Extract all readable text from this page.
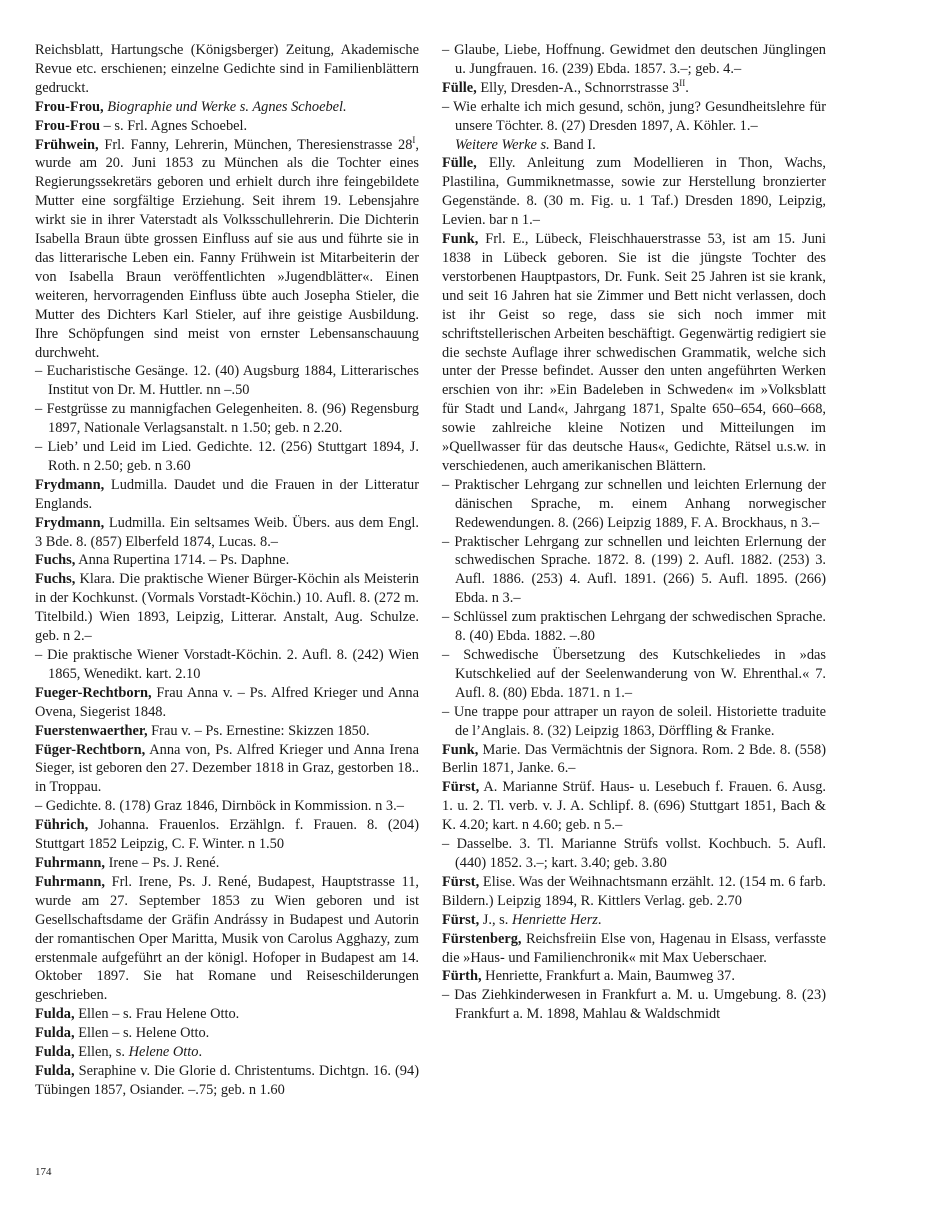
Reichsblatt, Hartungsche (Königsberger) Zeitung, Akademische Revue etc. erschienen; einzelne Gedichte sind in Familienblättern gedruckt.
Frou-Frou, Biographie und Werke s. Agnes Schoebel.
Frou-Frou – s. Frl. Agnes Schoebel.
Frühwein, Frl. Fanny, Lehrerin, München, Theresienstrasse $28^I$, wurde am 20. Juni 1853 zu München als die Tochter eines Regierungssekretärs geboren und erhielt durch ihre feingebildete Mutter eine sorgfältige Erziehung. Seit ihrem 19. Lebensjahre wirkt sie in ihrer Vaterstadt als Volksschullehrerin. Die Dichterin Isabella Braun übte grossen Einfluss auf sie aus und führte sie in das litterarische Leben ein. Fanny Frühwein ist Mitarbeiterin der von Isabella Braun veröffentlichten »Jugendblätter«. Einen weiteren, hervorragenden Einfluss übte auch Josepha Stieler, die Mutter des Dichters Karl Stieler, auf ihre geistige Ausbildung. Ihre Schöpfungen sind meist von ernster Lebensanschauung durchweht.
– Eucharistische Gesänge. 12. (40) Augsburg 1884, Litterarisches Institut von Dr. M. Huttler. nn –.50
– Festgrüsse zu mannigfachen Gelegenheiten. 8. (96) Regensburg 1897, Nationale Verlagsanstalt. n 1.50; geb. n 2.20.
– Lieb’ und Leid im Lied. Gedichte. 12. (256) Stuttgart 1894, J. Roth. n 2.50; geb. n 3.60
Frydmann, Ludmilla. Daudet und die Frauen in der Litteratur Englands.
Frydmann, Ludmilla. Ein seltsames Weib. Übers. aus dem Engl. 3 Bde. 8. (857) Elberfeld 1874, Lucas. 8.–
Fuchs, Anna Rupertina 1714. – Ps. Daphne.
Fuchs, Klara. Die praktische Wiener Bürger-Köchin als Meisterin in der Kochkunst. (Vormals Vorstadt-Köchin.) 10. Aufl. 8. (272 m. Titelbild.) Wien 1893, Leipzig, Litterar. Anstalt, Aug. Schulze. geb. n 2.–
– Die praktische Wiener Vorstadt-Köchin. 2. Aufl. 8. (242) Wien 1865, Wenedikt. kart. 2.10
Fueger-Rechtborn, Frau Anna v. – Ps. Alfred Krieger und Anna Ovena, Siegerist 1848.
Fuerstenwaerther, Frau v. – Ps. Ernestine: Skizzen 1850.
Füger-Rechtborn, Anna von, Ps. Alfred Krieger und Anna Irena Sieger, ist geboren den 27. Dezember 1818 in Graz, gestorben 18.. in Troppau.
– Gedichte. 8. (178) Graz 1846, Dirnböck in Kommission. n 3.–
Führich, Johanna. Frauenlos. Erzählgn. f. Frauen. 8. (204) Stuttgart 1852 Leipzig, C. F. Winter. n 1.50
Fuhrmann, Irene – Ps. J. René.
Fuhrmann, Frl. Irene, Ps. J. René, Budapest, Hauptstrasse 11, wurde am 27. September 1853 zu Wien geboren und ist Gesellschaftsdame der Gräfin Andrássy in Budapest und Autorin der romantischen Oper Maritta, Musik von Carolus Agghazy, zum erstenmale aufgeführt an der königl. Hofoper in Budapest am 14. Oktober 1897. Sie hat Romane und Reiseschilderungen geschrieben.
Fulda, Ellen – s. Frau Helene Otto.
Fulda, Ellen – s. Helene Otto.
Fulda, Ellen, s. Helene Otto.
Fulda, Seraphine v. Die Glorie d. Christentums. Dichtgn. 16. (94) Tübingen 1857, Osiander. –.75; geb. n 1.60
– Glaube, Liebe, Hoffnung. Gewidmet den deutschen Jünglingen u. Jungfrauen. 16. (239) Ebda. 1857. 3.–; geb. 4.–
Fülle, Elly, Dresden-A., Schnorrstrasse $3^{II}$.
– Wie erhalte ich mich gesund, schön, jung? Gesundheitslehre für unsere Töchter. 8. (27) Dresden 1897, A. Köhler. 1.–
Weitere Werke s. Band I.
Fülle, Elly. Anleitung zum Modellieren in Thon, Wachs, Plastilina, Gummiknetmasse, sowie zur Herstellung bronzierter Gegenstände. 8. (30 m. Fig. u. 1 Taf.) Dresden 1890, Leipzig, Levien. bar n 1.–
Funk, Frl. E., Lübeck, Fleischhauerstrasse 53, ist am 15. Juni 1838 in Lübeck geboren. Sie ist die jüngste Tochter des verstorbenen Hauptpastors, Dr. Funk. Seit 25 Jahren ist sie krank, und seit 16 Jahren hat sie Zimmer und Bett nicht verlassen, doch ist ihr Geist so rege, dass sie sich noch immer mit schriftstellerischen Arbeiten beschäftigt. Gegenwärtig redigiert sie die sechste Auflage ihrer schwedischen Grammatik, welche sich unter der Presse befindet. Ausser den unten angeführten Werken erschien von ihr: »Ein Badeleben in Schweden« im »Volksblatt für Stadt und Land«, Jahrgang 1871, Spalte 650–654, 660–668, sowie zahlreiche kleine Notizen und Mitteilungen im »Quellwasser für das deutsche Haus«, Gedichte, Rätsel u.s.w. in verschiedenen, auch amerikanischen Blättern.
– Praktischer Lehrgang zur schnellen und leichten Erlernung der dänischen Sprache, m. einem Anhang norwegischer Redewendungen. 8. (266) Leipzig 1889, F. A. Brockhaus, n 3.–
– Praktischer Lehrgang zur schnellen und leichten Erlernung der schwedischen Sprache. 1872. 8. (199) 2. Aufl. 1882. (253) 3. Aufl. 1886. (253) 4. Aufl. 1891. (266) 5. Aufl. 1895. (266) Ebda. n 3.–
– Schlüssel zum praktischen Lehrgang der schwedischen Sprache. 8. (40) Ebda. 1882. –.80
– Schwedische Übersetzung des Kutschkeliedes in »das Kutschkelied auf der Seelenwanderung von W. Ehrenthal.« 7. Aufl. 8. (80) Ebda. 1871. n 1.–
– Une trappe pour attraper un rayon de soleil. Historiette traduite de l’Anglais. 8. (32) Leipzig 1863, Dörffling & Franke.
Funk, Marie. Das Vermächtnis der Signora. Rom. 2 Bde. 8. (558) Berlin 1871, Janke. 6.–
Fürst, A. Marianne Strüf. Haus- u. Lesebuch f. Frauen. 6. Ausg. 1. u. 2. Tl. verb. v. J. A. Schlipf. 8. (696) Stuttgart 1851, Bach & K. 4.20; kart. n 4.60; geb. n 5.–
– Dasselbe. 3. Tl. Marianne Strüfs vollst. Kochbuch. 5. Aufl. (440) 1852. 3.–; kart. 3.40; geb. 3.80
Fürst, Elise. Was der Weihnachtsmann erzählt. 12. (154 m. 6 farb. Bildern.) Leipzig 1894, R. Kittlers Verlag. geb. 2.70
Fürst, J., s. Henriette Herz.
Fürstenberg, Reichsfreiin Else von, Hagenau in Elsass, verfasste die »Haus- und Familienchronik« mit Max Ueberschaer.
Fürth, Henriette, Frankfurt a. Main, Baumweg 37.
– Das Ziehkinderwesen in Frankfurt a. M. u. Umgebung. 8. (23) Frankfurt a. M. 1898, Mahlau & Waldschmidt
174
